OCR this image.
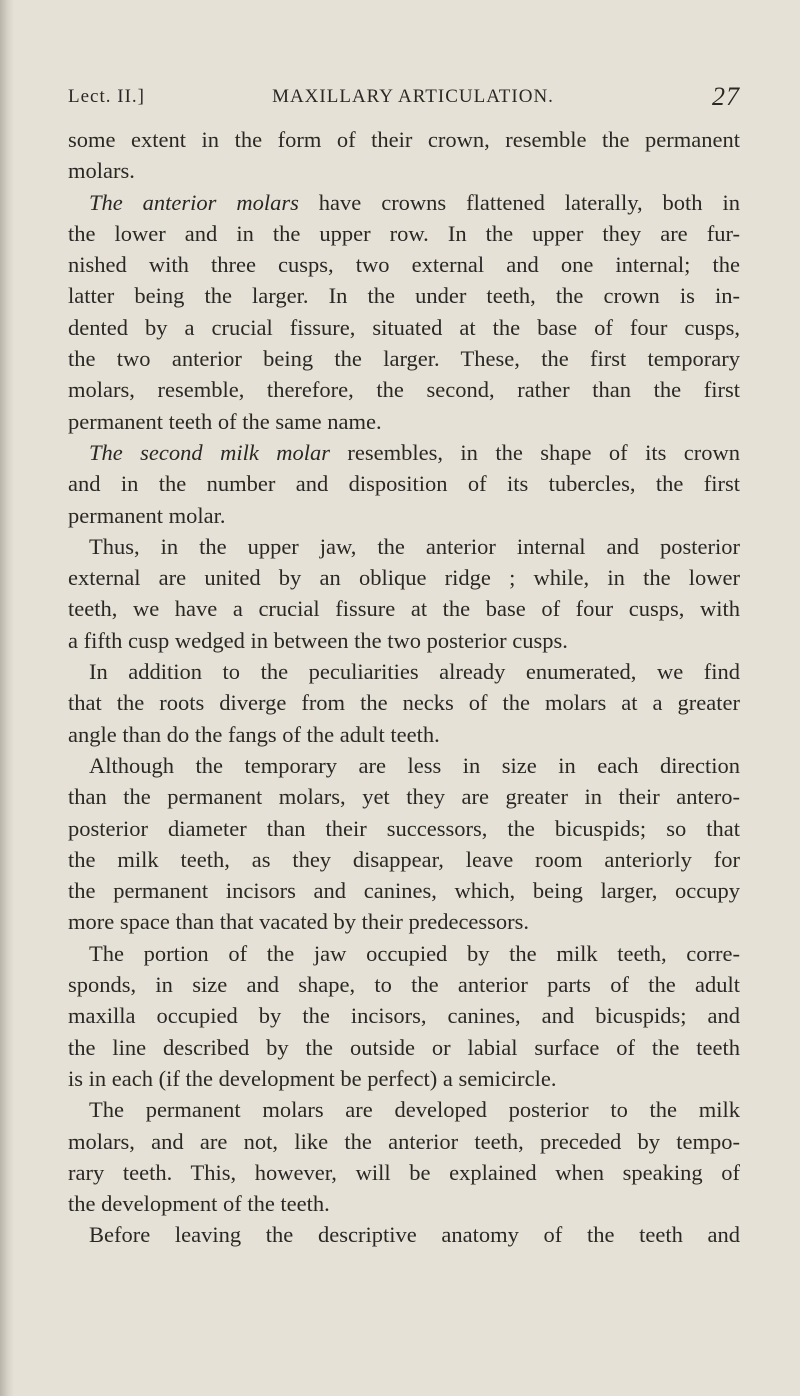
Lect. II.]	MAXILLARY ARTICULATION.	27
some extent in the form of their crown, resemble the permanent
molars.
The anterior molars have crowns flattened laterally, both in
the lower and in the upper row. In the upper they are fur-
nished with three cusps, two external and one internal; the
latter being the larger. In the under teeth, the crown is in-
dented by a crucial fissure, situated at the base of four cusps,
the two anterior being the larger. These, the first temporary
molars, resemble, therefore, the second, rather than the first
permanent teeth of the same name.
The second milk molar resembles, in the shape of its crown
and in the number and disposition of its tubercles, the first
permanent molar.
Thus, in the upper jaw, the anterior internal and posterior
external are united by an oblique ridge ; while, in the lower
teeth, we have a crucial fissure at the base of four cusps, with
a fifth cusp wedged in between the two posterior cusps.
In addition to the peculiarities already enumerated, we find
that the roots diverge from the necks of the molars at a greater
angle than do the fangs of the adult teeth.
Although the temporary are less in size in each direction
than the permanent molars, yet they are greater in their antero-
posterior diameter than their successors, the bicuspids; so that
the milk teeth, as they disappear, leave room anteriorly for
the permanent incisors and canines, which, being larger, occupy
more space than that vacated by their predecessors.
The portion of the jaw occupied by the milk teeth, corre-
sponds, in size and shape, to the anterior parts of the adult
maxilla occupied by the incisors, canines, and bicuspids; and
the line described by the outside or labial surface of the teeth
is in each (if the development be perfect) a semicircle.
The permanent molars are developed posterior to the milk
molars, and are not, like the anterior teeth, preceded by tempo-
rary teeth. This, however, will be explained when speaking of
the development of the teeth.
Before leaving the descriptive anatomy of the teeth and
